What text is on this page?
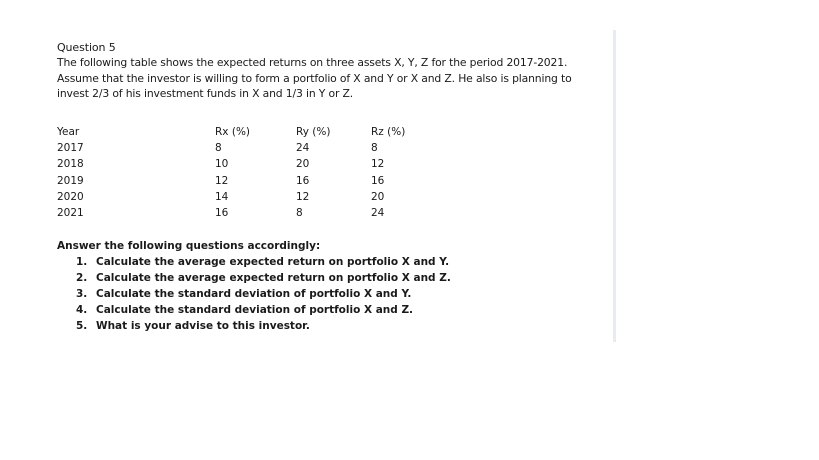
Question 5

The following table shows the expected returns on three assets X, Y, Z for the period 2017-2021.
Assume that the investor is willing to form a portfolio of X and Y or X and Z. He also is planning to
invest 2/3 of his investment funds in X and 1/3 in Y or Z.

Year	Rx (%)	Ry (%)	Rz (%)
2017	8	24	8
2018	10	20	12
2019	12	16	16
2020	14	12	20
2021	16	8	24
Answer the following questions accordingly:
1. Calculate the average expected return on portfolio X and Y.
2. Calculate the average expected return on portfolio X and Z.
3. Calculate the standard deviation of portfolio X and Y.
4. Calculate the standard deviation of portfolio X and Z.
5. What is your advise to this investor.
